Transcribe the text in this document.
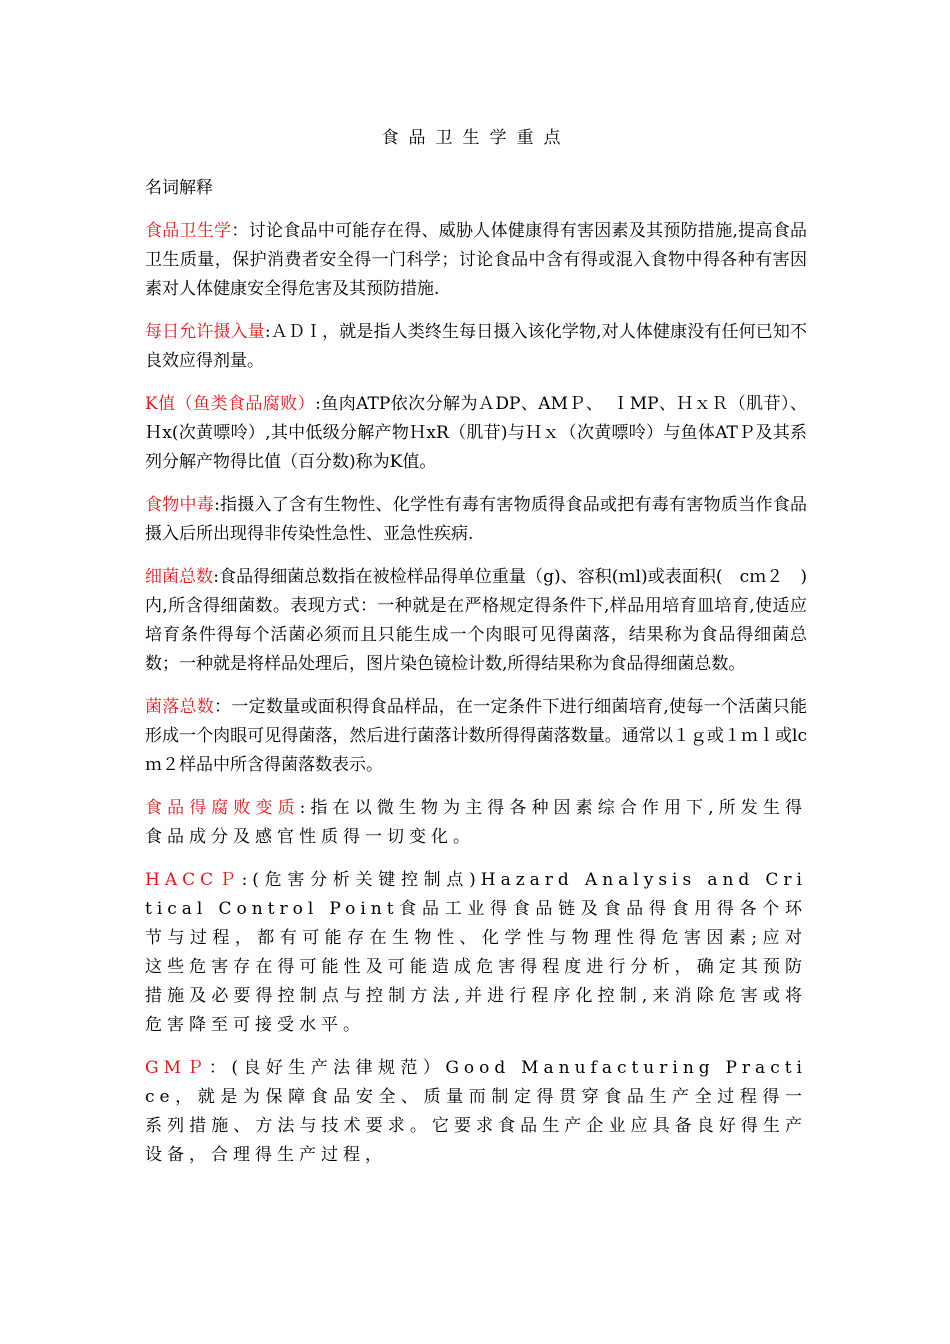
食品卫生学重点
名词解释

食品卫生学：讨论食品中可能存在得、威胁人体健康得有害因素及其预防措施,提高食品卫生质量，保护消费者安全得一门科学；讨论食品中含有得或混入食物中得各种有害因素对人体健康安全得危害及其预防措施.

每日允许摄入量:ＡＤＩ，就是指人类终生每日摄入该化学物,对人体健康没有任何已知不良效应得剂量。

K值（鱼类食品腐败）:鱼肉ATP依次分解为ＡDP、AMＰ、　ＩMP、ＨｘＲ（肌苷）、Ｈx(次黄嘌呤）,其中低级分解产物ＨxR（肌苷)与Ｈｘ（次黄嘌呤）与鱼体ATＰ及其系列分解产物得比值（百分数)称为K值。

食物中毒:指摄入了含有生物性、化学性有毒有害物质得食品或把有毒有害物质当作食品摄入后所出现得非传染性急性、亚急性疾病.

细菌总数:食品得细菌总数指在被检样品得单位重量（g)、容积(ｍl)或表面积(　cｍ２　)内,所含得细菌数。表现方式：一种就是在严格规定得条件下,样品用培育皿培育,使适应培育条件得每个活菌必须而且只能生成一个肉眼可见得菌落，结果称为食品得细菌总数；一种就是将样品处理后，图片染色镜检计数,所得结果称为食品得细菌总数。

菌落总数：一定数量或面积得食品样品，在一定条件下进行细菌培育,使每一个活菌只能形成一个肉眼可见得菌落，然后进行菌落计数所得得菌落数量。通常以１ｇ或１ｍｌ或lcｍ２样品中所含得菌落数表示。

食品得腐败变质:指在以微生物为主得各种因素综合作用下,所发生得食品成分及感官性质得一切变化。

HACCＰ:(危害分析关键控制点)Hazard Analysis and Critical Control Point食品工业得食品链及食品得食用得各个环节与过程，都有可能存在生物性、化学性与物理性得危害因素;应对这些危害存在得可能性及可能造成危害得程度进行分析，确定其预防措施及必要得控制点与控制方法,并进行程序化控制,来消除危害或将危害降至可接受水平。

GMＰ：(良好生产法律规范）Good Manufacturing Practice，就是为保障食品安全、质量而制定得贯穿食品生产全过程得一系列措施、方法与技术要求。它要求食品生产企业应具备良好得生产设备，合理得生产过程，
